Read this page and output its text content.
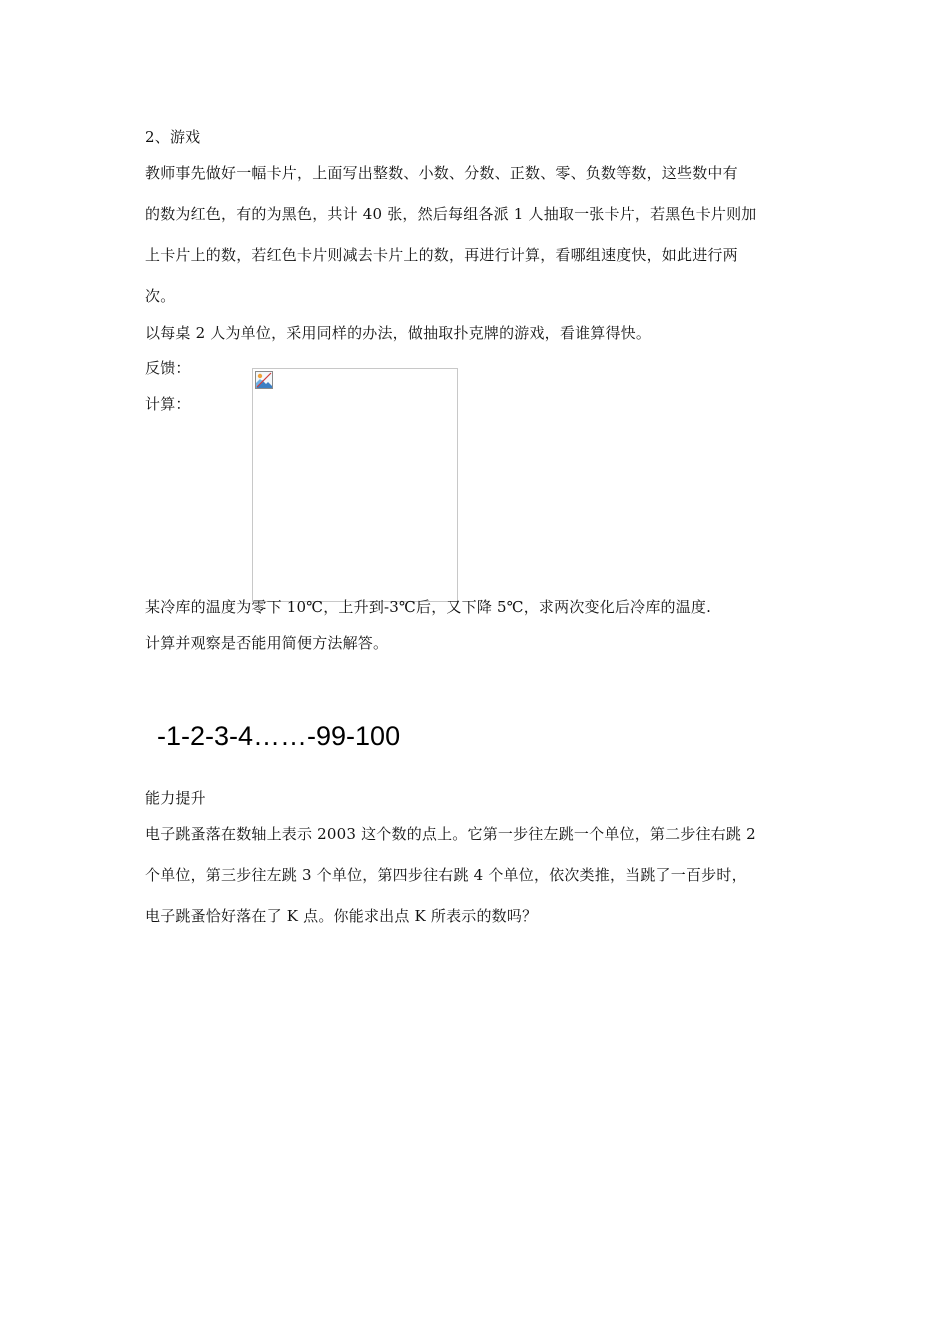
2、游戏
教师事先做好一幅卡片，上面写出整数、小数、分数、正数、零、负数等数，这些数中有
的数为红色，有的为黑色，共计 40 张，然后每组各派 1 人抽取一张卡片，若黑色卡片则加
上卡片上的数，若红色卡片则减去卡片上的数，再进行计算，看哪组速度快，如此进行两
次。
以每桌 2 人为单位，采用同样的办法，做抽取扑克牌的游戏，看谁算得快。
反馈：
计算：
某冷库的温度为零下 10℃，上升到-3℃后，又下降 5℃，求两次变化后冷库的温度.
计算并观察是否能用简便方法解答。
-1-2-3-4……-99-100
能力提升
电子跳蚤落在数轴上表示 2003 这个数的点上。它第一步往左跳一个单位，第二步往右跳 2
个单位，第三步往左跳 3 个单位，第四步往右跳 4 个单位，依次类推，当跳了一百步时，
电子跳蚤恰好落在了 K 点。你能求出点 K 所表示的数吗？
